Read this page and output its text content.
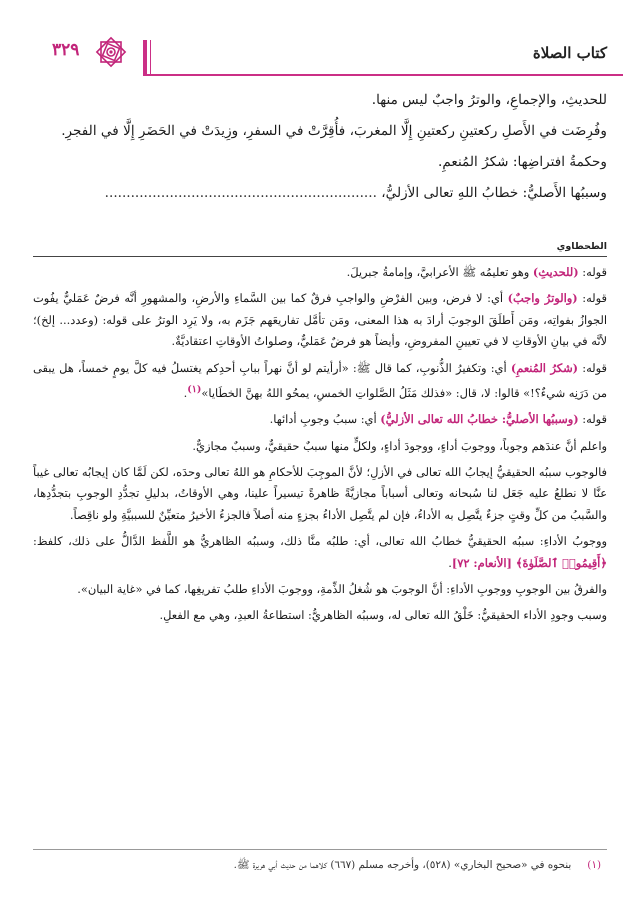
كتاب الصلاة
٣٢٩

للحديثِ، والإجماعِ، والوترُ واجبٌ ليس منها.

وفُرِضَت في الأَصلِ ركعتينِ ركعتينِ إِلَّا المغربَ، فأُقِرَّتْ في السفرِ، وزِيدَتْ في الحَضَرِ إِلَّا في الفجرِ.

وحكمةُ افتراضِها: شكرُ المُنعمِ.

وسببُها الأَصليُّ: خطابُ اللهِ تعالى الأزليُّ، ...............................................................

الطحطاوي

قوله: (للحديثِ) وهو تعليمُه ﷺ الأعرابيَّ، وإمامةُ جبريلَ.

قوله: (والوترُ واجبٌ) أي: لا فرض، وبين الفرْضِ والواجبِ فرقٌ كما بين السَّماءِ والأرضِ، والمشهورِ أنَّه فرضٌ عَمَليٌّ يفُوت الجوازُ بفواتِه، ومَن أَطلَقَ الوجوبَ أرادَ به هذا المعنى، ومَن تأمَّل تفاريعَهم جَزَم به، ولا يَرِد الوترُ على قوله: (وعدد... إلخ)؛ لأنَّه في بيانِ الأوقاتِ لا في تعيينِ المفروضِ، وأيضاً هو فرضٌ عَمَليٌّ، وصلواتُ الأوقاتِ اعتقاديَّةٌ.

قوله: (شكرُ المُنعمِ) أي: وتكفيرُ الذُّنوبِ، كما قال ﷺ: «أرأيتم لو أنَّ نهراً ببابِ أحدِكم يغتسلُ فيه كلَّ يومٍ خمساً، هل يبقى من دَرَنِه شيءٌ؟!» قالوا: لا، قال: «فذلك مَثَلُ الصَّلواتِ الخمسِ، يمحُو اللهُ بهنَّ الخطَايا»$^{(١)}$.

قوله: (وسببُها الأصليُّ: خطابُ الله تعالى الأزليُّ) أي: سببُ وجوبِ أدائها.

واعلم أنَّ عندَهم وجوباً، ووجوبَ أداءٍ، ووجودَ أداءٍ، ولكلٍّ منها سببٌ حقيقيٌّ، وسببٌ مجازيٌّ.

فالوجوب سببُه الحقيقيُّ إيجابُ الله تعالى في الأزلِ؛ لأنَّ الموجِبَ للأحكامِ هو اللهُ تعالى وحدَه، لكن لَمَّا كان إيجابُه تعالى غيباً عنَّا لا نطلعُ عليه جَعَل لنا سُبحانه وتعالى أسباباً مجازيَّةً ظاهرةً تيسيراً علينا، وهي الأوقاتُ، بدليلِ تجدُّدِ الوجوبِ بتجدُّدِها، والسَّببُ من كلِّ وقتٍ جزءٌ يتَّصِل به الأداءُ، فإن لم يتَّصِل الأداءُ بجزءٍ منه أصلاً فالجزءُ الأخيرُ متعيِّنٌ للسببيَّةِ ولو ناقِصاً.

ووجوبُ الأداءِ: سببُه الحقيقيُّ خطابُ الله تعالى، أي: طلبُه منَّا ذلك، وسببُه الظاهريُّ هو اللَّفظ الدَّالُّ على ذلك، كلفظ: ﴿أَقِيمُوا۟ ٱلصَّلَوٰةَ﴾ [الأنعام: ٧٢].

والفرقُ بين الوجوبِ ووجوبِ الأداءِ: أنَّ الوجوبَ هو شُغلُ الذِّمةِ، ووجوبَ الأداءِ طلبُ تفريغِها، كما في «غاية البيان».

وسبب وجودِ الأداء الحقيقيُّ: خَلْقُ الله تعالى له، وسببُه الظاهريُّ: استطاعةُ العبدِ، وهي مع الفعلِ.

(١)بنحوه في «صحيح البخاري» (٥٢٨)، وأخرجه مسلم (٦٦٧) كلاهما من حديث أبي هريرة ﷺ.
